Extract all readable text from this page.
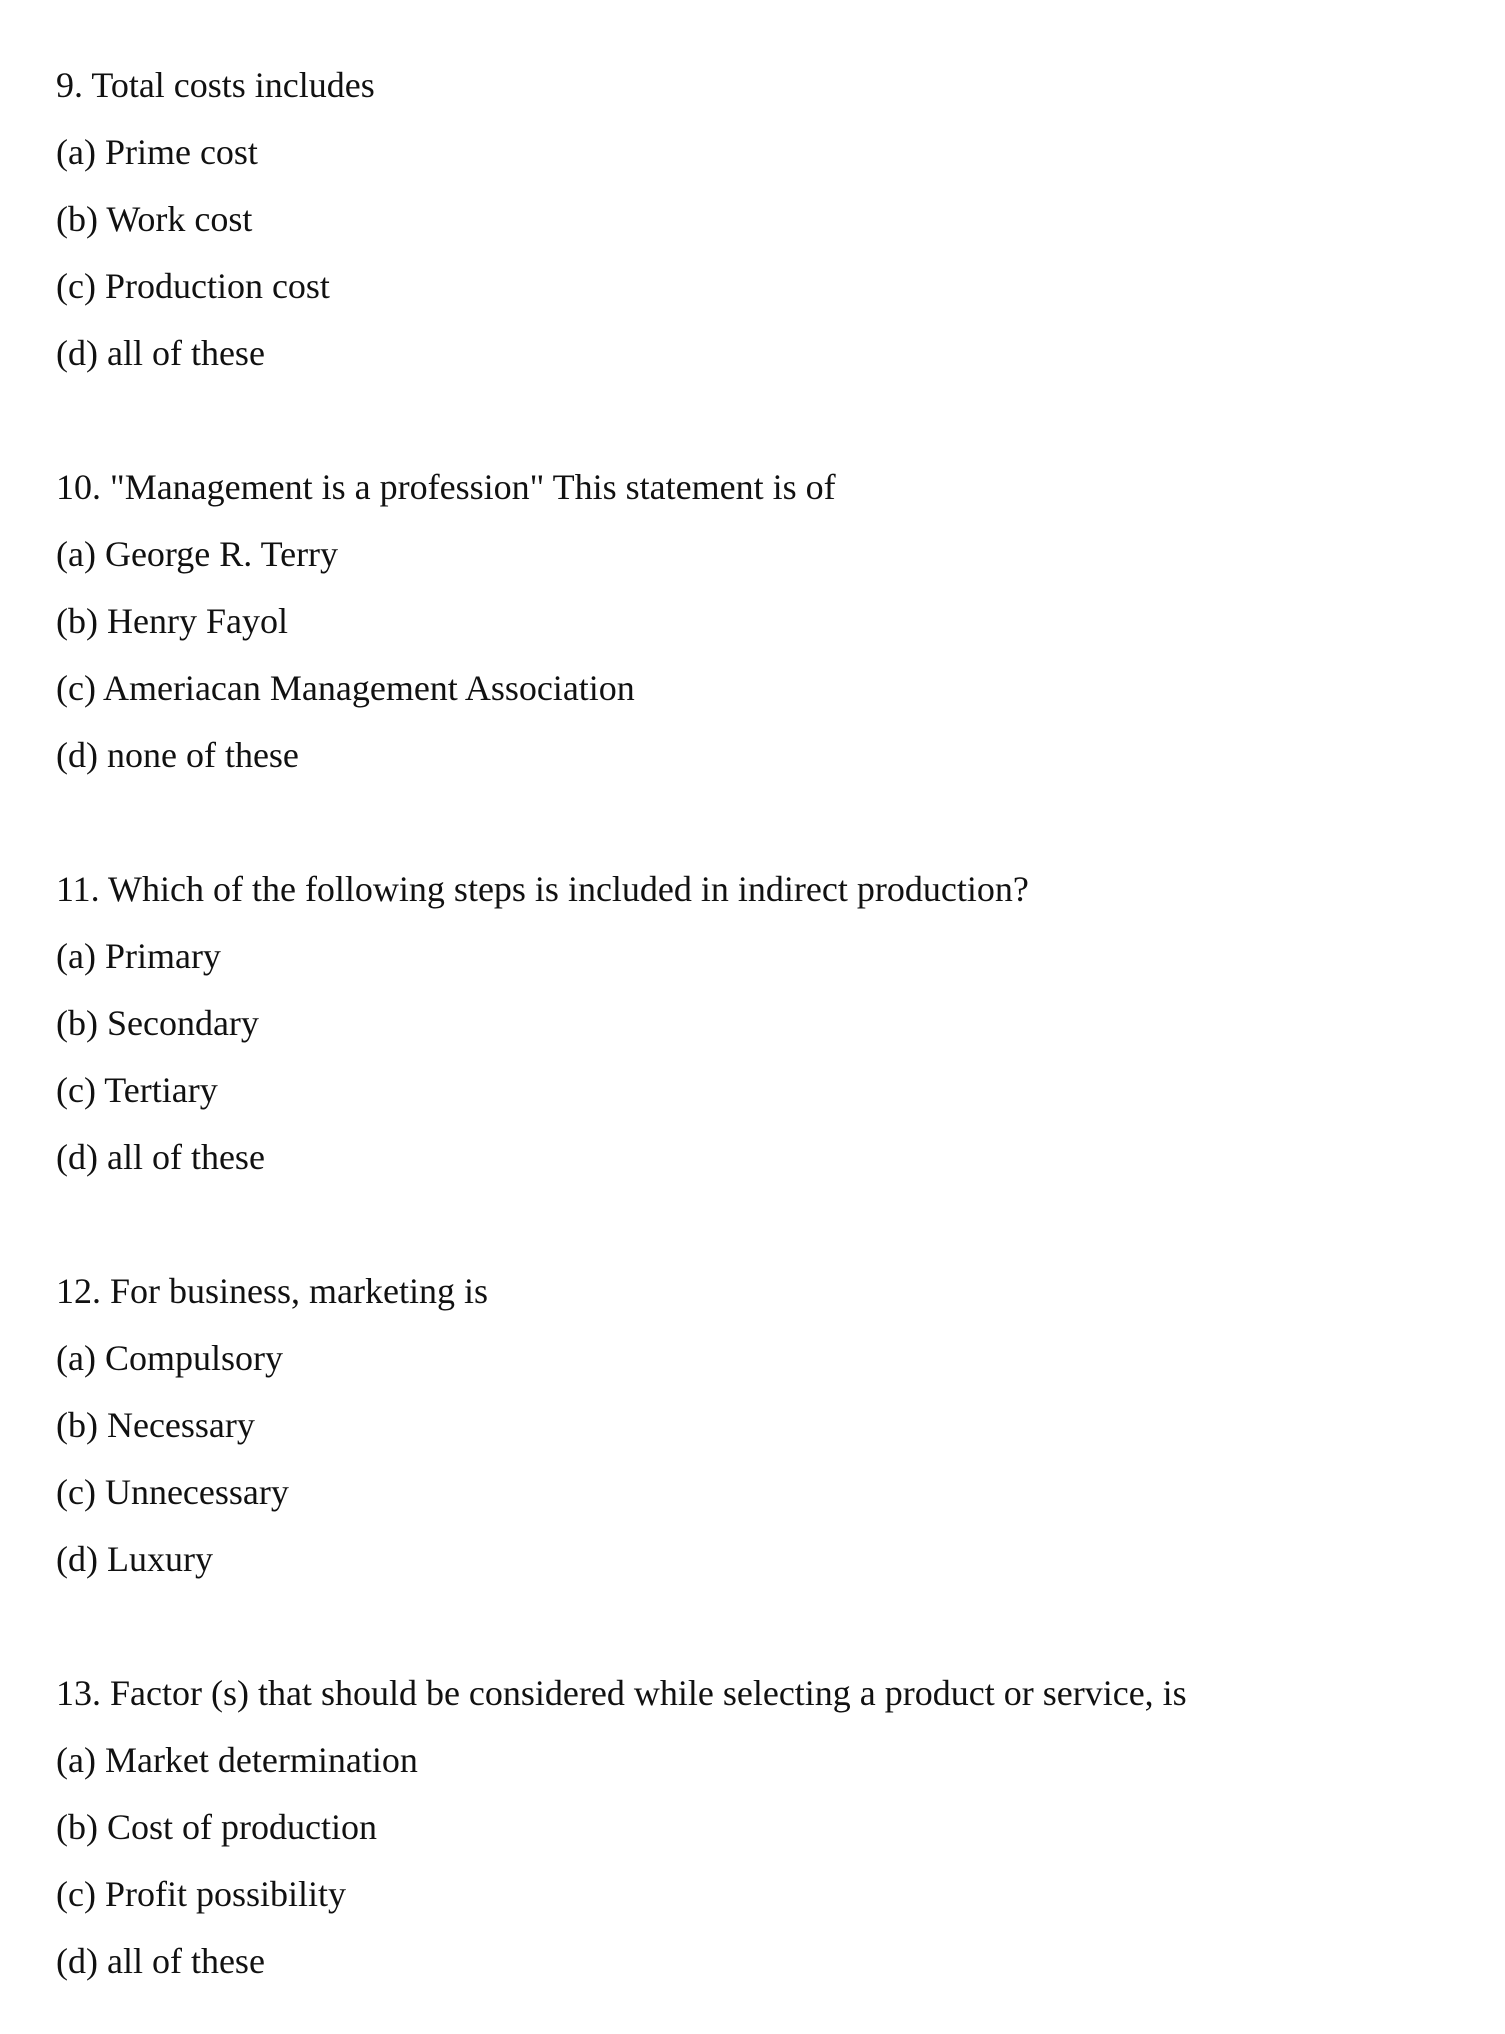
9. Total costs includes
(a) Prime cost
(b) Work cost
(c) Production cost
(d) all of these
10. "Management is a profession" This statement is of
(a) George R. Terry
(b) Henry Fayol
(c) Ameriacan Management Association
(d) none of these
11. Which of the following steps is included in indirect production?
(a) Primary
(b) Secondary
(c) Tertiary
(d) all of these
12. For business, marketing is
(a) Compulsory
(b) Necessary
(c) Unnecessary
(d) Luxury
13. Factor (s) that should be considered while selecting a product or service, is
(a) Market determination
(b) Cost of production
(c) Profit possibility
(d) all of these
